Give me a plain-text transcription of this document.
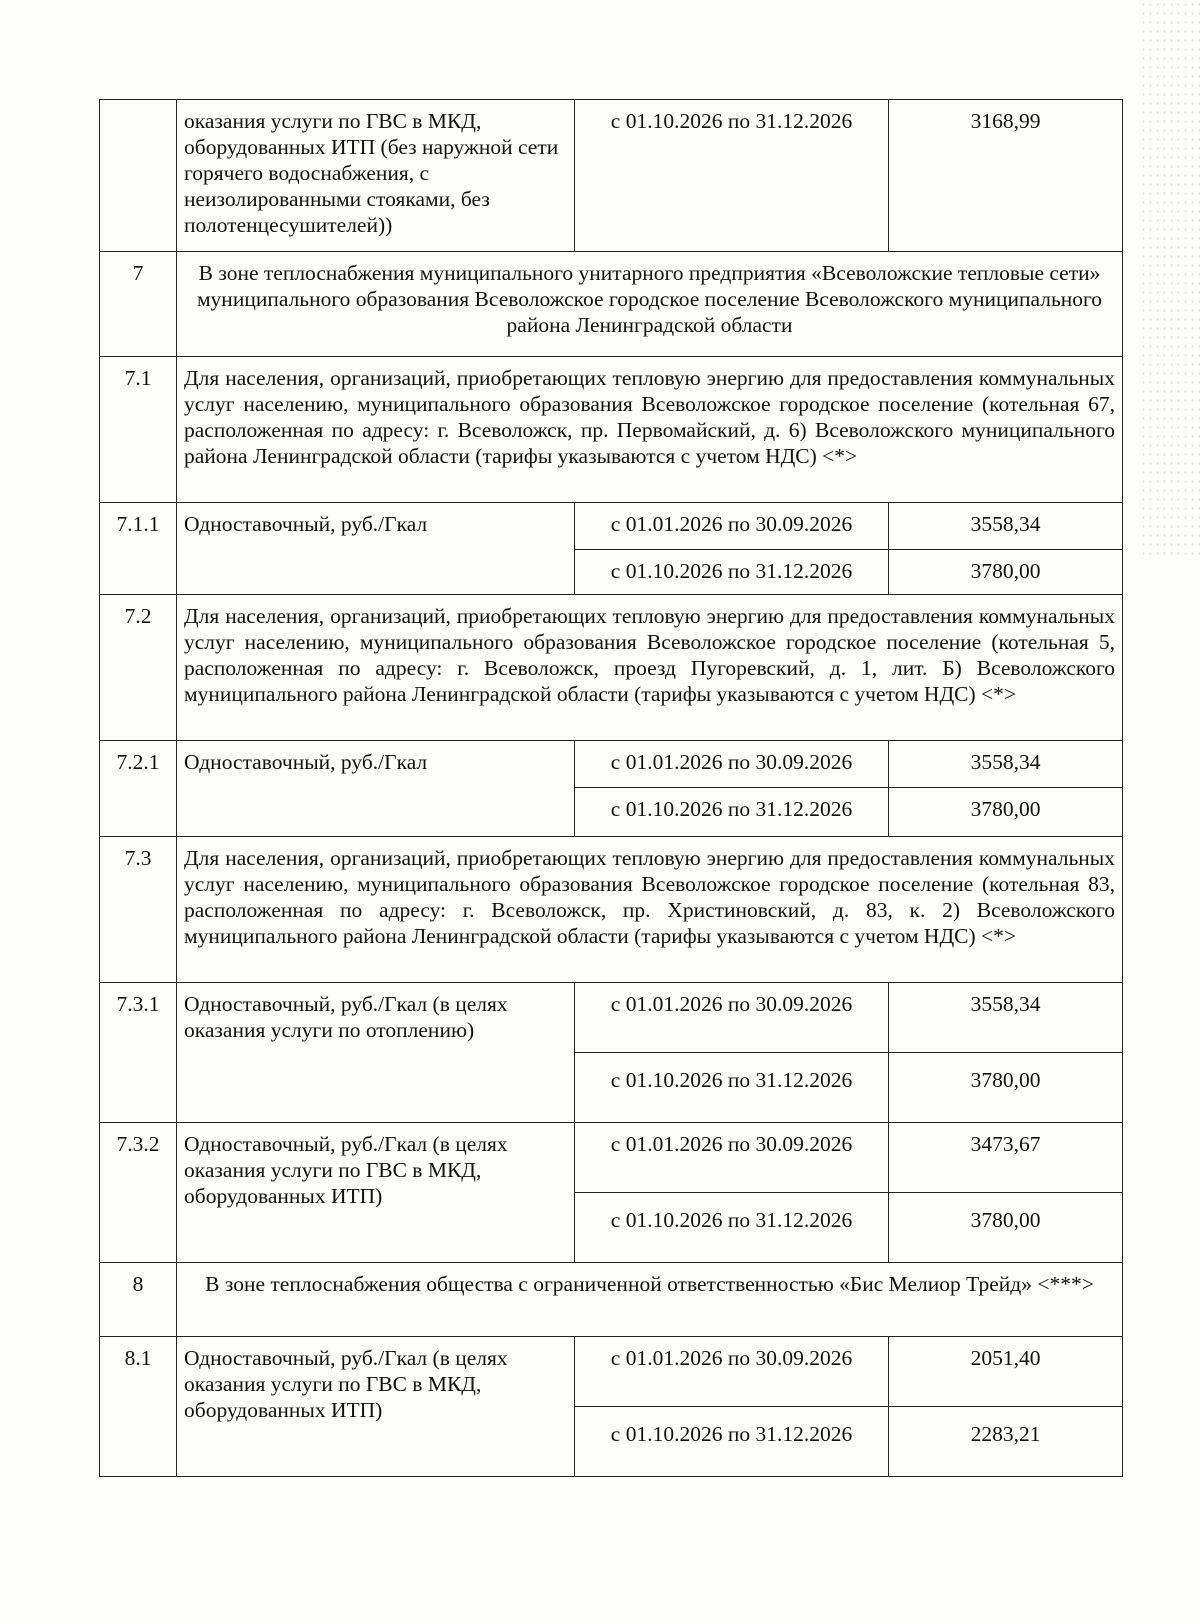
	оказания услуги по ГВС в МКД, оборудованных ИТП (без наружной сети горячего водоснабжения, с неизолированными стояками, без полотенцесушителей))	с 01.10.2026 по 31.12.2026	3168,99
7	В зоне теплоснабжения муниципального унитарного предприятия «Всеволожские тепловые сети» муниципального образования Всеволожское городское поселение Всеволожского муниципального района Ленинградской области		
7.1	Для населения, организаций, приобретающих тепловую энергию для предоставления коммунальных услуг населению, муниципального образования Всеволожское городское поселение (котельная 67, расположенная по адресу: г. Всеволожск, пр. Первомайский, д. 6) Всеволожского муниципального района Ленинградской области (тарифы указываются с учетом НДС) <*>		
7.1.1	Одноставочный, руб./Гкал	с 01.01.2026 по 30.09.2026	3558,34
		с 01.10.2026 по 31.12.2026	3780,00
7.2	Для населения, организаций, приобретающих тепловую энергию для предоставления коммунальных услуг населению, муниципального образования Всеволожское городское поселение (котельная 5, расположенная по адресу: г. Всеволожск, проезд Пугоревский, д. 1, лит. Б) Всеволожского муниципального района Ленинградской области (тарифы указываются с учетом НДС) <*>		
7.2.1	Одноставочный, руб./Гкал	с 01.01.2026 по 30.09.2026	3558,34
		с 01.10.2026 по 31.12.2026	3780,00
7.3	Для населения, организаций, приобретающих тепловую энергию для предоставления коммунальных услуг населению, муниципального образования Всеволожское городское поселение (котельная 83, расположенная по адресу: г. Всеволожск, пр. Христиновский, д. 83, к. 2) Всеволожского муниципального района Ленинградской области (тарифы указываются с учетом НДС) <*>		
7.3.1	Одноставочный, руб./Гкал (в целях оказания услуги по отоплению)	с 01.01.2026 по 30.09.2026	3558,34
		с 01.10.2026 по 31.12.2026	3780,00
7.3.2	Одноставочный, руб./Гкал (в целях оказания услуги по ГВС в МКД, оборудованных ИТП)	с 01.01.2026 по 30.09.2026	3473,67
		с 01.10.2026 по 31.12.2026	3780,00
8	В зоне теплоснабжения общества с ограниченной ответственностью «Бис Мелиор Трейд» <***>		
8.1	Одноставочный, руб./Гкал (в целях оказания услуги по ГВС в МКД, оборудованных ИТП)	с 01.01.2026 по 30.09.2026	2051,40
		с 01.10.2026 по 31.12.2026	2283,21
